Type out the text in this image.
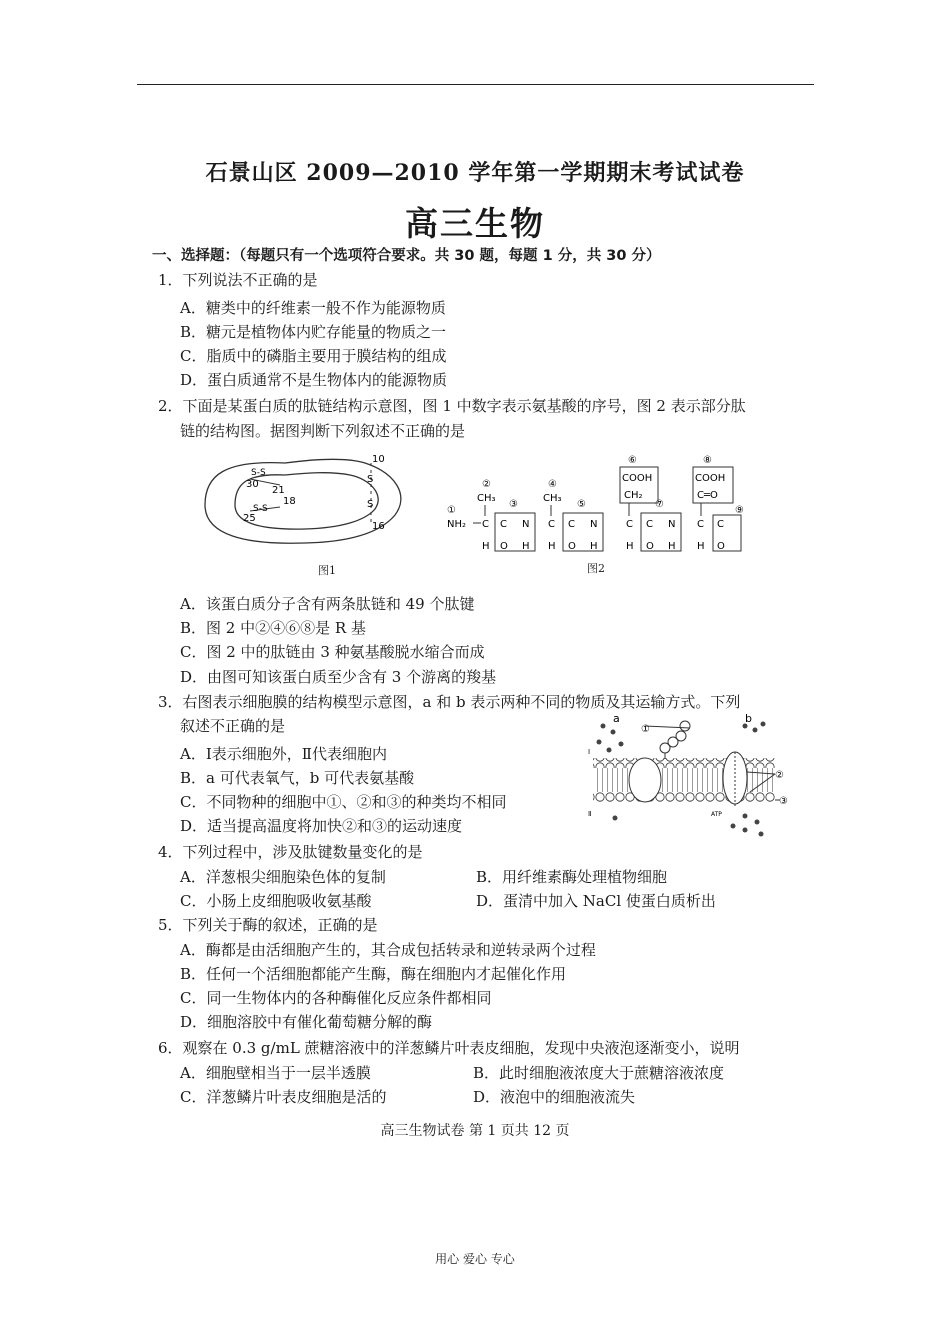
石景山区 2009—2010 学年第一学期期末考试试卷
高三生物
一、选择题：（每题只有一个选项符合要求。共 30 题，每题 1 分，共 30 分）
1．下列说法不正确的是
A．糖类中的纤维素一般不作为能源物质
B．糖元是植物体内贮存能量的物质之一
C．脂质中的磷脂主要用于膜结构的组成
D．蛋白质通常不是生物体内的能源物质
2．下面是某蛋白质的肽链结构示意图，图 1 中数字表示氨基酸的序号，图 2 表示部分肽
链的结构图。据图判断下列叙述不正确的是
10
16
S
S
21
18
30
25
S-S
S-S
图1
①
NH₂ C
②
CH₃
H
③
C N
O H
C
④
CH₃
H
⑤
C N
O H
⑥
COOH
CH₂
C
H
⑦
C N
O H
⑧
COOH
C═O
C
H
⑨
C
O
图2
A．该蛋白质分子含有两条肽链和 49 个肽键
B．图 2 中②④⑥⑧是 R 基
C．图 2 中的肽链由 3 种氨基酸脱水缩合而成
D．由图可知该蛋白质至少含有 3 个游离的羧基
3．右图表示细胞膜的结构模型示意图，a 和 b 表示两种不同的物质及其运输方式。下列
叙述不正确的是
A．Ⅰ表示细胞外，Ⅱ代表细胞内
B．a 可代表氧气，b 可代表氨基酸
C．不同物种的细胞中①、②和③的种类均不相同
D．适当提高温度将加快②和③的运动速度
a	b
①
②
③
Ⅰ
Ⅱ	ATP
4．下列过程中，涉及肽键数量变化的是
A．洋葱根尖细胞染色体的复制	B．用纤维素酶处理植物细胞
C．小肠上皮细胞吸收氨基酸	D．蛋清中加入 NaCl 使蛋白质析出
5．下列关于酶的叙述，正确的是
A．酶都是由活细胞产生的，其合成包括转录和逆转录两个过程
B．任何一个活细胞都能产生酶，酶在细胞内才起催化作用
C．同一生物体内的各种酶催化反应条件都相同
D．细胞溶胶中有催化葡萄糖分解的酶
6．观察在 0.3 g/mL 蔗糖溶液中的洋葱鳞片叶表皮细胞，发现中央液泡逐渐变小，说明
A．细胞壁相当于一层半透膜	B．此时细胞液浓度大于蔗糖溶液浓度
C．洋葱鳞片叶表皮细胞是活的	D．液泡中的细胞液流失
高三生物试卷 第 1 页共 12 页
用心 爱心 专心
